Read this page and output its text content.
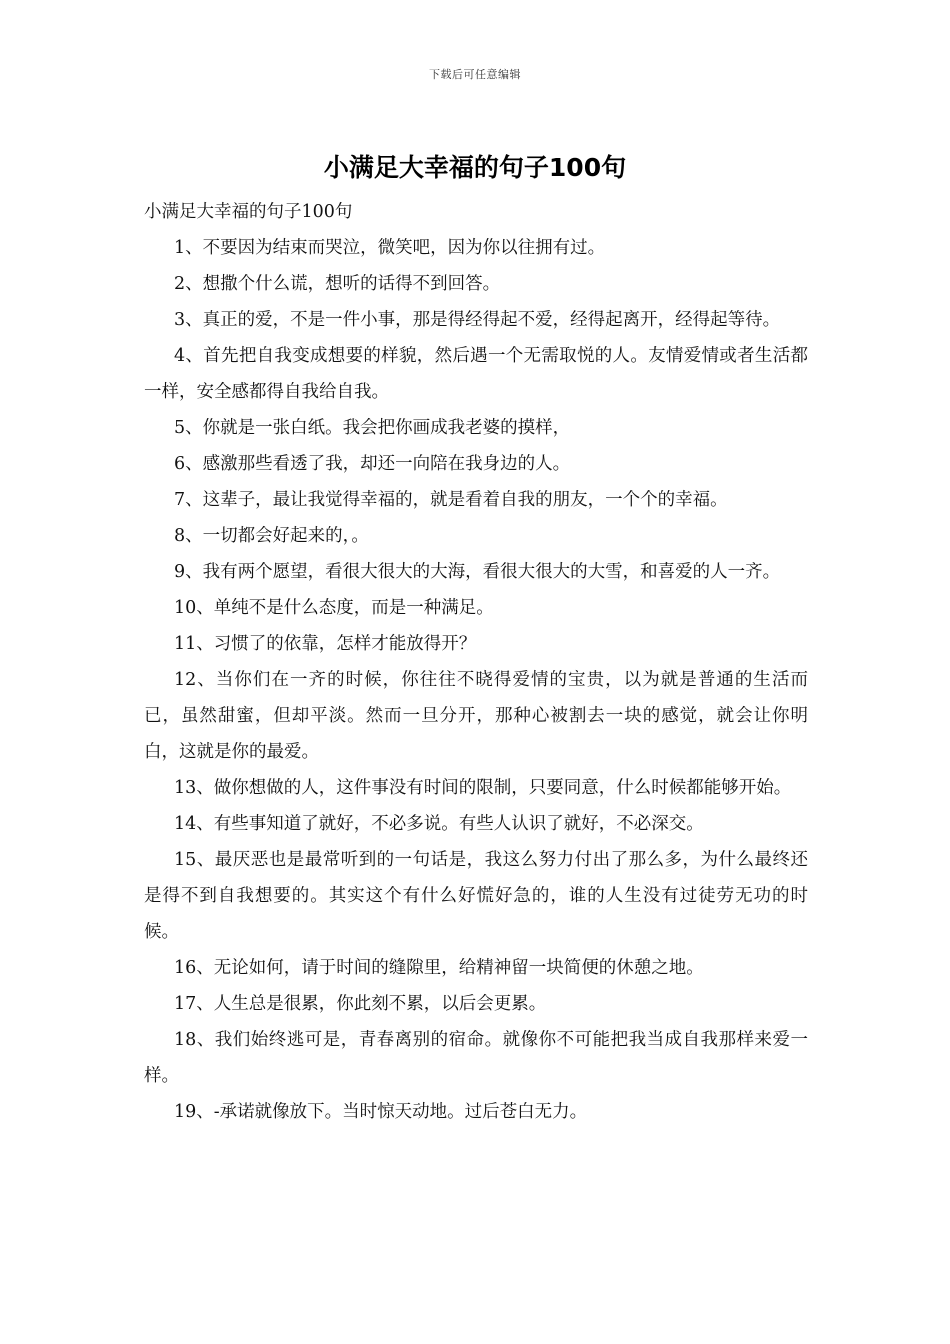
下载后可任意编辑
小满足大幸福的句子100句

小满足大幸福的句子100句

1、不要因为结束而哭泣，微笑吧，因为你以往拥有过。

2、想撒个什么谎，想听的话得不到回答。

3、真正的爱，不是一件小事，那是得经得起不爱，经得起离开，经得起等待。

4、首先把自我变成想要的样貌，然后遇一个无需取悦的人。友情爱情或者生活都一样，安全感都得自我给自我。

5、你就是一张白纸。我会把你画成我老婆的摸样，

6、感激那些看透了我，却还一向陪在我身边的人。

7、这辈子，最让我觉得幸福的，就是看着自我的朋友，一个个的幸福。

8、一切都会好起来的，。

9、我有两个愿望，看很大很大的大海，看很大很大的大雪，和喜爱的人一齐。

10、单纯不是什么态度，而是一种满足。

11、习惯了的依靠，怎样才能放得开？

12、当你们在一齐的时候，你往往不晓得爱情的宝贵，以为就是普通的生活而已，虽然甜蜜，但却平淡。然而一旦分开，那种心被割去一块的感觉，就会让你明白，这就是你的最爱。

13、做你想做的人，这件事没有时间的限制，只要同意，什么时候都能够开始。

14、有些事知道了就好，不必多说。有些人认识了就好，不必深交。

15、最厌恶也是最常听到的一句话是，我这么努力付出了那么多，为什么最终还是得不到自我想要的。其实这个有什么好慌好急的，谁的人生没有过徒劳无功的时候。

16、无论如何，请于时间的缝隙里，给精神留一块简便的休憩之地。

17、人生总是很累，你此刻不累，以后会更累。

18、我们始终逃可是，青春离别的宿命。就像你不可能把我当成自我那样来爱一样。

19、-承诺就像放下。当时惊天动地。过后苍白无力。
